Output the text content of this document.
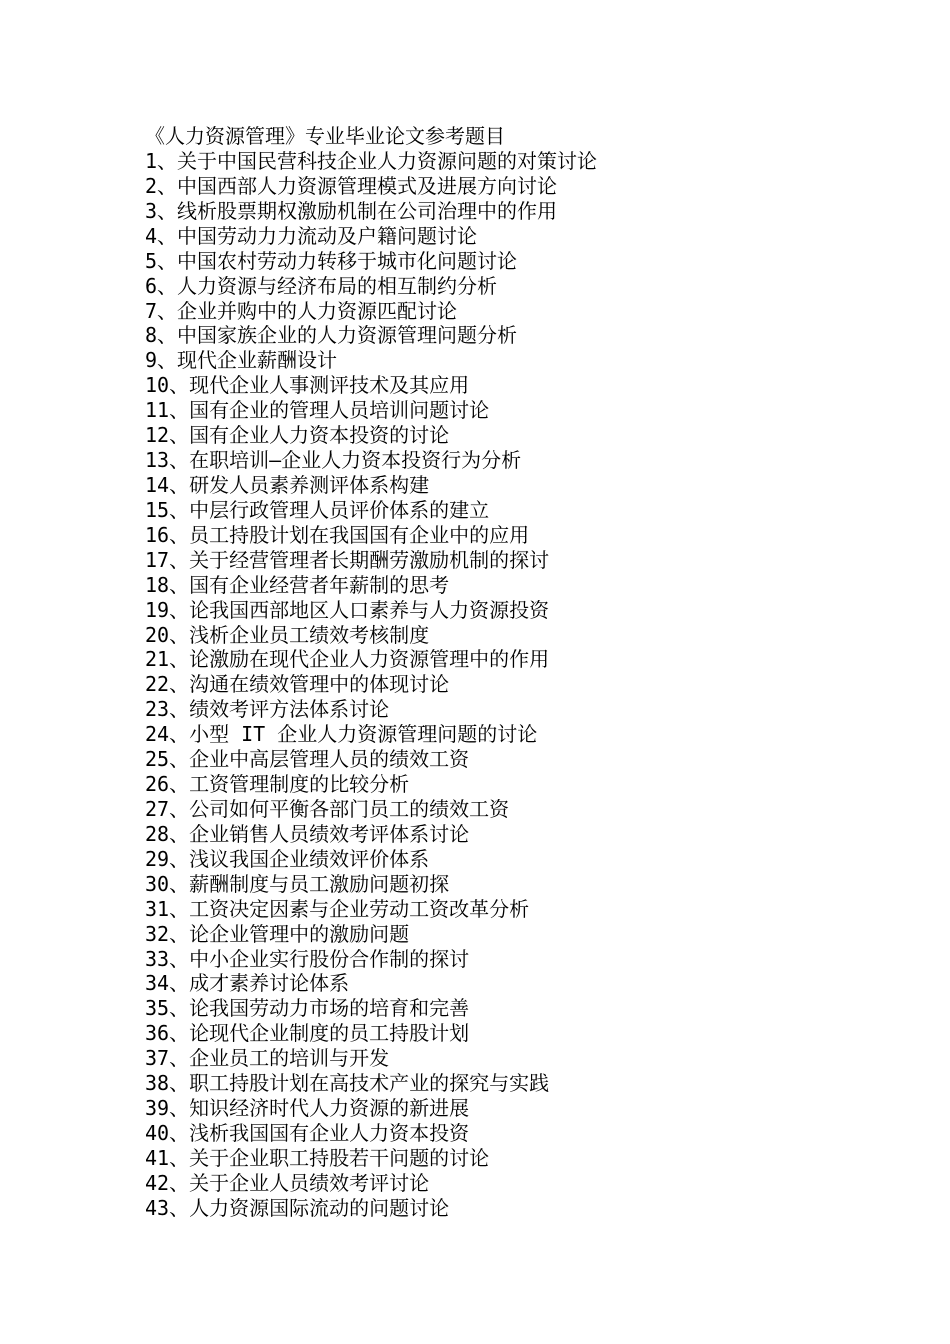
《人力资源管理》专业毕业论文参考题目
1、关于中国民营科技企业人力资源问题的对策讨论
2、中国西部人力资源管理模式及进展方向讨论
3、线析股票期权激励机制在公司治理中的作用
4、中国劳动力力流动及户籍问题讨论
5、中国农村劳动力转移于城市化问题讨论
6、人力资源与经济布局的相互制约分析
7、企业并购中的人力资源匹配讨论
8、中国家族企业的人力资源管理问题分析
9、现代企业薪酬设计
10、现代企业人事测评技术及其应用
11、国有企业的管理人员培训问题讨论
12、国有企业人力资本投资的讨论
13、在职培训—企业人力资本投资行为分析
14、研发人员素养测评体系构建
15、中层行政管理人员评价体系的建立
16、员工持股计划在我国国有企业中的应用
17、关于经营管理者长期酬劳激励机制的探讨
18、国有企业经营者年薪制的思考
19、论我国西部地区人口素养与人力资源投资
20、浅析企业员工绩效考核制度
21、论激励在现代企业人力资源管理中的作用
22、沟通在绩效管理中的体现讨论
23、绩效考评方法体系讨论
24、小型 IT 企业人力资源管理问题的讨论
25、企业中高层管理人员的绩效工资
26、工资管理制度的比较分析
27、公司如何平衡各部门员工的绩效工资
28、企业销售人员绩效考评体系讨论
29、浅议我国企业绩效评价体系
30、薪酬制度与员工激励问题初探
31、工资决定因素与企业劳动工资改革分析
32、论企业管理中的激励问题
33、中小企业实行股份合作制的探讨
34、成才素养讨论体系
35、论我国劳动力市场的培育和完善
36、论现代企业制度的员工持股计划
37、企业员工的培训与开发
38、职工持股计划在高技术产业的探究与实践
39、知识经济时代人力资源的新进展
40、浅析我国国有企业人力资本投资
41、关于企业职工持股若干问题的讨论
42、关于企业人员绩效考评讨论
43、人力资源国际流动的问题讨论
